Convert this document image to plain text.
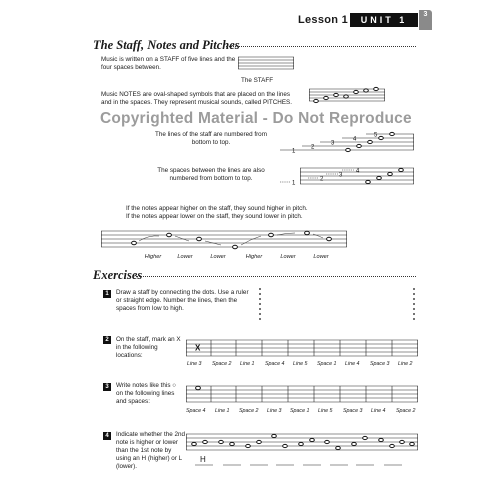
Lesson 1	UNIT 1
3
The Staff, Notes and Pitches
Music is written on a STAFF of five lines and the four spaces between.
The STAFF
Music NOTES are oval-shaped symbols that are placed on the lines and in the spaces. They represent musical sounds, called PITCHES.
Copyrighted Material - Do Not Reproduce
The lines of the staff are numbered from bottom to top.
1
2
3
4
5
The spaces between the lines are also numbered from bottom to top.
1
2
3
4
If the notes appear higher on the staff, they sound higher in pitch.
If the notes appear lower on the staff, they sound lower in pitch.
Higher	Lower	Lower	Higher	Lower	Lower
Exercises
1	Draw a staff by connecting the dots. Use a ruler or straight edge. Number the lines, then the spaces from low to high.
2	On the staff, mark an X in the following locations:
X
Line 3 Space 2 Line 1 Space 4 Line 5 Space 1 Line 4 Space 3 Line 2
3	Write notes like this ○ on the following lines and spaces:
Space 4 Line 1 Space 2 Line 3 Space 1 Line 5 Space 3 Line 4 Space 2
4	Indicate whether the 2nd note is higher or lower than the 1st note by using an H (higher) or L (lower).
H
